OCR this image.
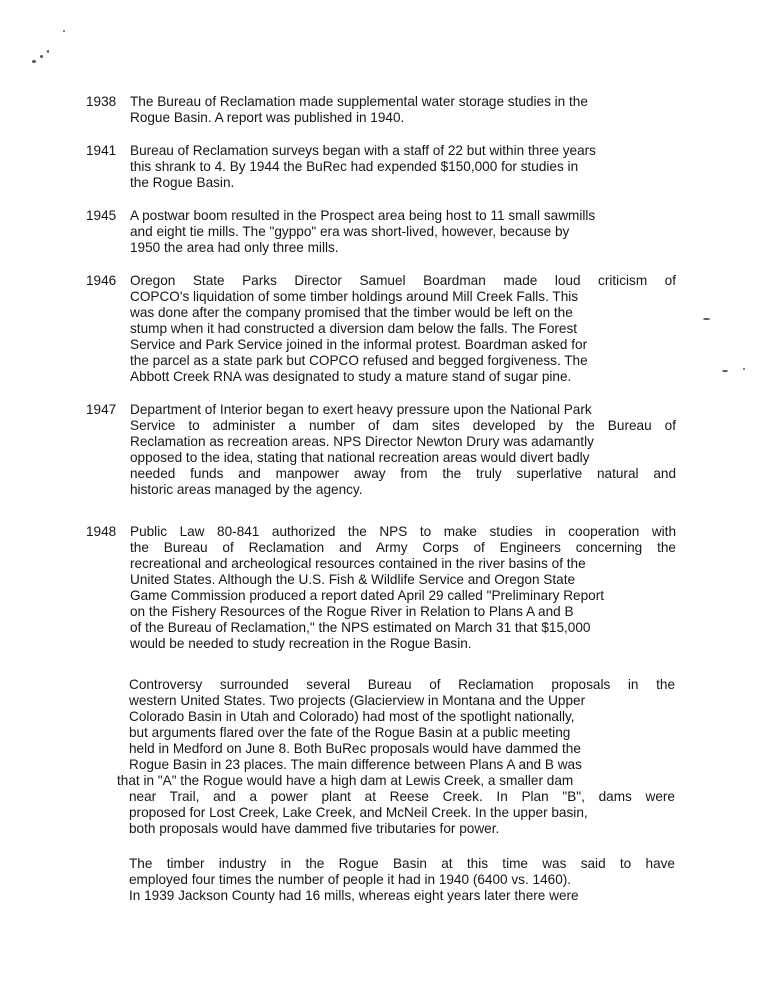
1938	The Bureau of Reclamation made supplemental water storage studies in the
Rogue Basin. A report was published in 1940.
1941	Bureau of Reclamation surveys began with a staff of 22 but within three years
this shrank to 4. By 1944 the BuRec had expended $150,000 for studies in
the Rogue Basin.
1945	A postwar boom resulted in the Prospect area being host to 11 small sawmills
and eight tie mills. The "gyppo" era was short-lived, however, because by
1950 the area had only three mills.
1946	Oregon State Parks Director Samuel Boardman made loud criticism of
COPCO's liquidation of some timber holdings around Mill Creek Falls. This
was done after the company promised that the timber would be left on the
stump when it had constructed a diversion dam below the falls. The Forest
Service and Park Service joined in the informal protest. Boardman asked for
the parcel as a state park but COPCO refused and begged forgiveness. The
Abbott Creek RNA was designated to study a mature stand of sugar pine.
1947	Department of Interior began to exert heavy pressure upon the National Park
Service to administer a number of dam sites developed by the Bureau of
Reclamation as recreation areas. NPS Director Newton Drury was adamantly
opposed to the idea, stating that national recreation areas would divert badly
needed funds and manpower away from the truly superlative natural and
historic areas managed by the agency.
1948	Public Law 80-841 authorized the NPS to make studies in cooperation with
the Bureau of Reclamation and Army Corps of Engineers concerning the
recreational and archeological resources contained in the river basins of the
United States. Although the U.S. Fish & Wildlife Service and Oregon State
Game Commission produced a report dated April 29 called "Preliminary Report
on the Fishery Resources of the Rogue River in Relation to Plans A and B
of the Bureau of Reclamation," the NPS estimated on March 31 that $15,000
would be needed to study recreation in the Rogue Basin.
Controversy surrounded several Bureau of Reclamation proposals in the
western United States. Two projects (Glacierview in Montana and the Upper
Colorado Basin in Utah and Colorado) had most of the spotlight nationally,
but arguments flared over the fate of the Rogue Basin at a public meeting
held in Medford on June 8. Both BuRec proposals would have dammed the
Rogue Basin in 23 places. The main difference between Plans A and B was
that in "A" the Rogue would have a high dam at Lewis Creek, a smaller dam
near Trail, and a power plant at Reese Creek. In Plan "B", dams were
proposed for Lost Creek, Lake Creek, and McNeil Creek. In the upper basin,
both proposals would have dammed five tributaries for power.
The timber industry in the Rogue Basin at this time was said to have
employed four times the number of people it had in 1940 (6400 vs. 1460).
In 1939 Jackson County had 16 mills, whereas eight years later there were
